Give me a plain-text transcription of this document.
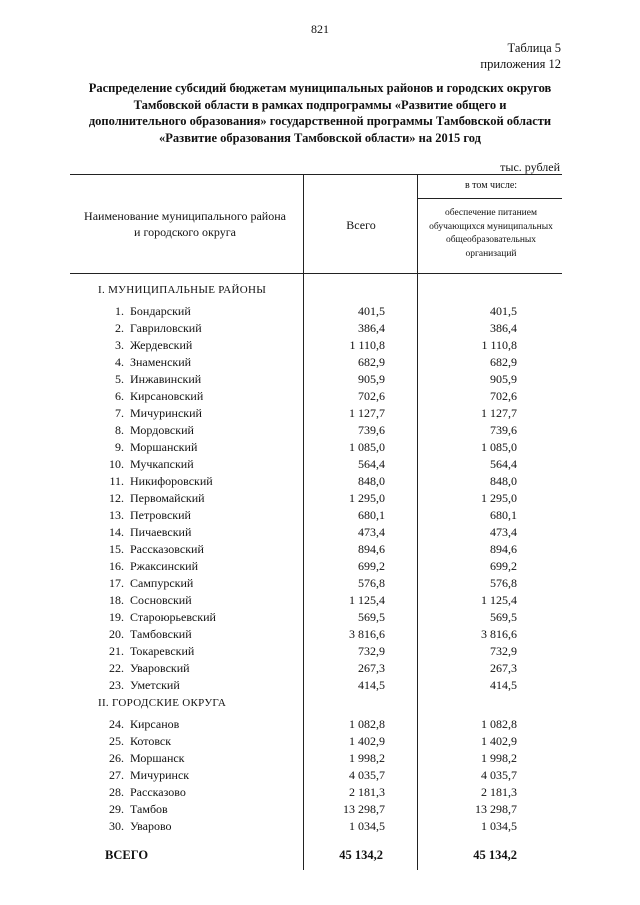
821
Таблица 5
приложения 12
Распределение субсидий бюджетам муниципальных районов и городских округов
Тамбовской области в рамках подпрограммы «Развитие общего и
дополнительного образования» государственной программы Тамбовской области
«Развитие образования Тамбовской области» на 2015 год
тыс. рублей
Наименование муниципального района
и городского округа	Всего
в том числе:
обеспечение питанием
обучающихся муниципальных
общеобразовательных
организаций
I. МУНИЦИПАЛЬНЫЕ РАЙОНЫ
1. Бондарский	401,5	401,5
2. Гавриловский	386,4	386,4
3. Жердевский	1 110,8	1 110,8
4. Знаменский	682,9	682,9
5. Инжавинский	905,9	905,9
6. Кирсановский	702,6	702,6
7. Мичуринский	1 127,7	1 127,7
8. Мордовский	739,6	739,6
9. Моршанский	1 085,0	1 085,0
10. Мучкапский	564,4	564,4
11. Никифоровский	848,0	848,0
12. Первомайский	1 295,0	1 295,0
13. Петровский	680,1	680,1
14. Пичаевский	473,4	473,4
15. Рассказовский	894,6	894,6
16. Ржаксинский	699,2	699,2
17. Сампурский	576,8	576,8
18. Сосновский	1 125,4	1 125,4
19. Староюрьевский	569,5	569,5
20. Тамбовский	3 816,6	3 816,6
21. Токаревский	732,9	732,9
22. Уваровский	267,3	267,3
23. Уметский	414,5	414,5
II. ГОРОДСКИЕ ОКРУГА
24. Кирсанов	1 082,8	1 082,8
25. Котовск	1 402,9	1 402,9
26. Моршанск	1 998,2	1 998,2
27. Мичуринск	4 035,7	4 035,7
28. Рассказово	2 181,3	2 181,3
29. Тамбов	13 298,7	13 298,7
30. Уварово	1 034,5	1 034,5
ВСЕГО	45 134,2	45 134,2
